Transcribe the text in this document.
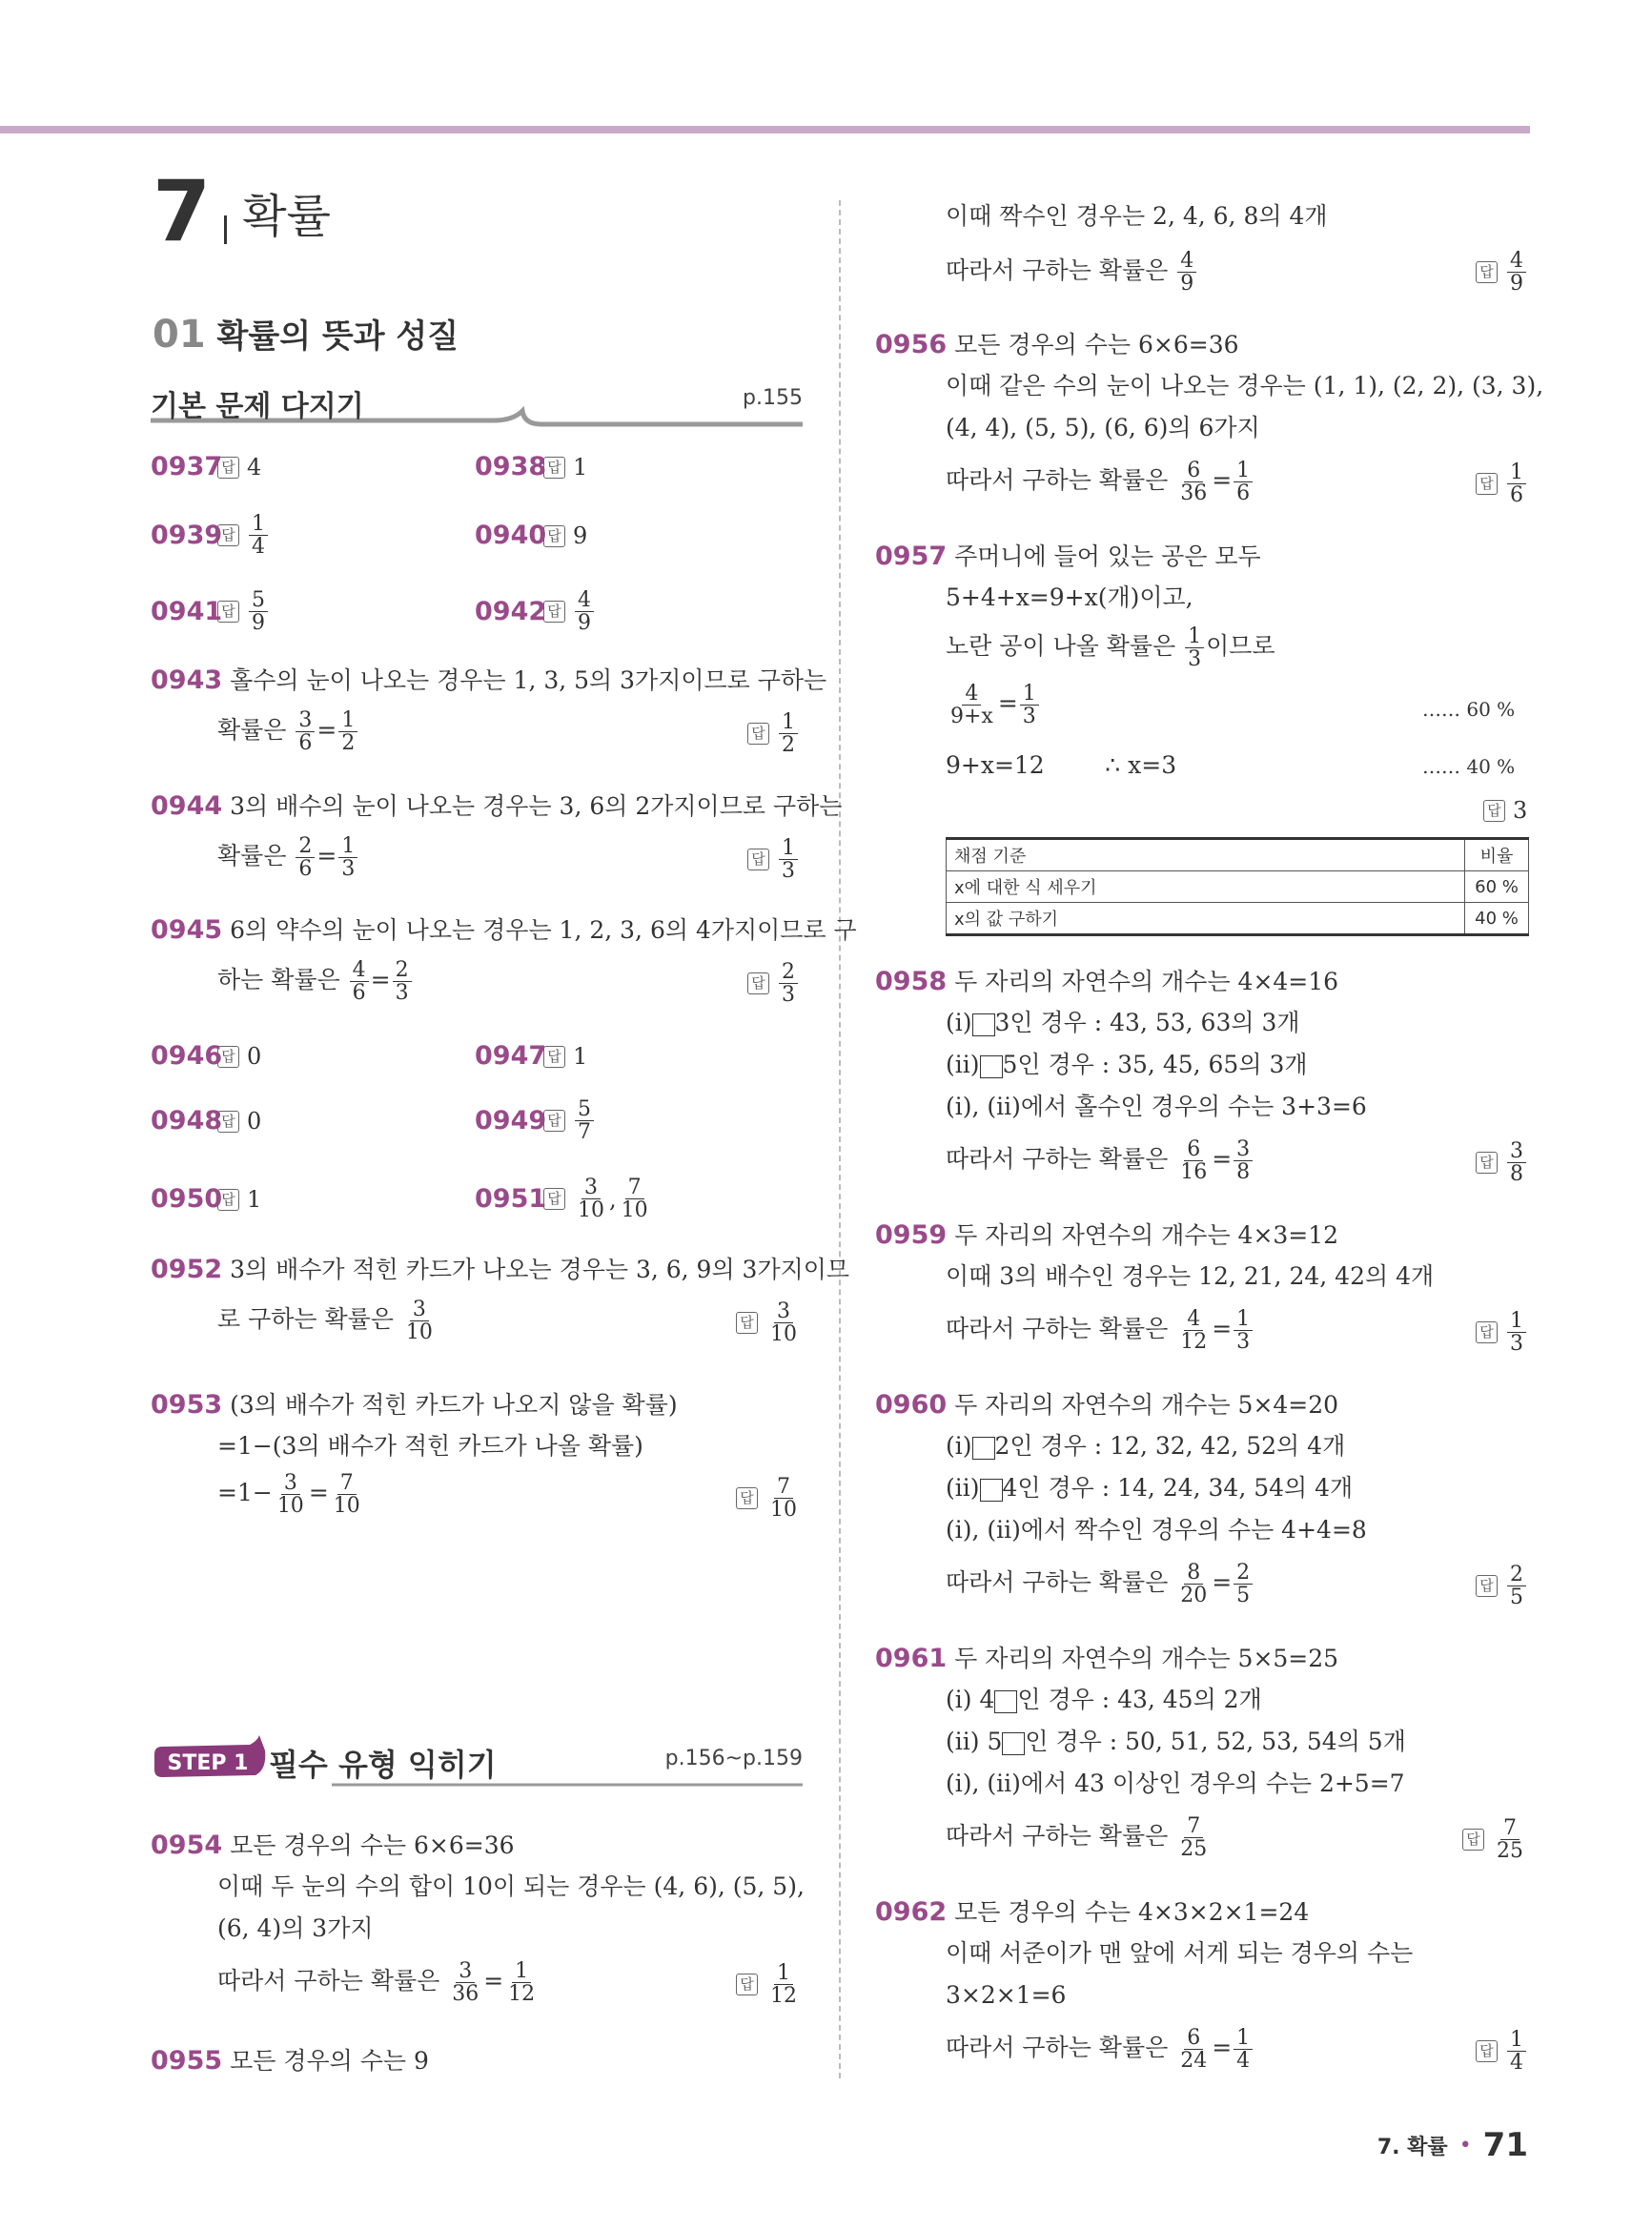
7 확률
01 확률의 뜻과 성질
기본 문제 다지기	p.155
0937 답 4	0938 답 1
0939 답 $\frac{1}{4}$	0940 답 9
0941 답 $\frac{5}{9}$	0942 답 $\frac{4}{9}$
0943 홀수의 눈이 나오는 경우는 1, 3, 5의 3가지이므로 구하는
확률은 $\frac{3}{6} = \frac{1}{2}$	답 $\frac{1}{2}$
0944 3의 배수의 눈이 나오는 경우는 3, 6의 2가지이므로 구하는
확률은 $\frac{2}{6} = \frac{1}{3}$	답 $\frac{1}{3}$
0945 6의 약수의 눈이 나오는 경우는 1, 2, 3, 6의 4가지이므로 구
하는 확률은 $\frac{4}{6} = \frac{2}{3}$	답 $\frac{2}{3}$
0946 답 0	0947 답 1
0948 답 0	0949 답 $\frac{5}{7}$
0950 답 1	0951 답 $\frac{3}{10}$ , $\frac{7}{10}$
0952 3의 배수가 적힌 카드가 나오는 경우는 3, 6, 9의 3가지이므
로 구하는 확률은 $\frac{3}{10}$	답 $\frac{3}{10}$
0953 (3의 배수가 적힌 카드가 나오지 않을 확률)
=1−(3의 배수가 적힌 카드가 나올 확률)
$=1- \frac{3}{10} = \frac{7}{10}$	답 $\frac{7}{10}$
STEP 1 필수 유형 익히기	p.156~p.159
0954 모든 경우의 수는 6×6=36
이때 두 눈의 수의 합이 10이 되는 경우는 (4, 6), (5, 5),
(6, 4)의 3가지
따라서 구하는 확률은 $\frac{3}{36} = \frac{1}{12}$	답 $\frac{1}{12}$
0955 모든 경우의 수는 9
이때 짝수인 경우는 2, 4, 6, 8의 4개
따라서 구하는 확률은 $\frac{4}{9}$	답 $\frac{4}{9}$
0956 모든 경우의 수는 6×6=36
이때 같은 수의 눈이 나오는 경우는 (1, 1), (2, 2), (3, 3),
(4, 4), (5, 5), (6, 6)의 6가지
따라서 구하는 확률은 $\frac{6}{36} = \frac{1}{6}$	답 $\frac{1}{6}$
0957 주머니에 들어 있는 공은 모두
5+4+x=9+x(개)이고,
노란 공이 나올 확률은 $\frac{1}{3}$ 이므로
$\frac{4}{9+x} = \frac{1}{3}$	…… 60 %
9+x=12	∴ x=3	…… 40 %
답 3
채점 기준	비율
x에 대한 식 세우기	60 %
x의 값 구하기	40 %
0958 두 자리의 자연수의 개수는 4×4=16
(i) 3인 경우 : 43, 53, 63의 3개
(ii) 5인 경우 : 35, 45, 65의 3개
(i), (ii)에서 홀수인 경우의 수는 3+3=6
따라서 구하는 확률은 $\frac{6}{16} = \frac{3}{8}$	답 $\frac{3}{8}$
0959 두 자리의 자연수의 개수는 4×3=12
이때 3의 배수인 경우는 12, 21, 24, 42의 4개
따라서 구하는 확률은 $\frac{4}{12} = \frac{1}{3}$	답 $\frac{1}{3}$
0960 두 자리의 자연수의 개수는 5×4=20
(i) 2인 경우 : 12, 32, 42, 52의 4개
(ii) 4인 경우 : 14, 24, 34, 54의 4개
(i), (ii)에서 짝수인 경우의 수는 4+4=8
따라서 구하는 확률은 $\frac{8}{20} = \frac{2}{5}$	답 $\frac{2}{5}$
0961 두 자리의 자연수의 개수는 5×5=25
(i) 4 인 경우 : 43, 45의 2개
(ii) 5 인 경우 : 50, 51, 52, 53, 54의 5개
(i), (ii)에서 43 이상인 경우의 수는 2+5=7
따라서 구하는 확률은 $\frac{7}{25}$	답 $\frac{7}{25}$
0962 모든 경우의 수는 4×3×2×1=24
이때 서준이가 맨 앞에 서게 되는 경우의 수는
3×2×1=6
따라서 구하는 확률은 $\frac{6}{24} = \frac{1}{4}$	답 $\frac{1}{4}$
7. 확률 • 71
